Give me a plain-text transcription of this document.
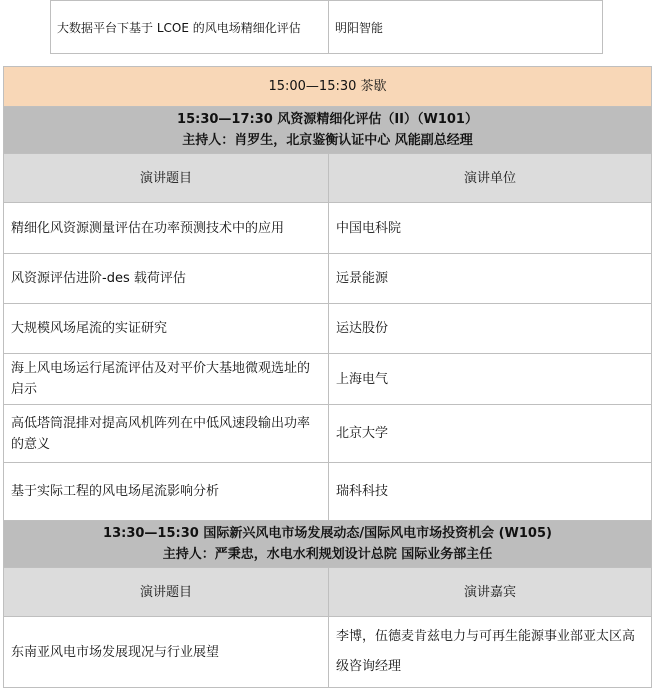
大数据平台下基于 LCOE 的风电场精细化评估	明阳智能
15:00—15:30 茶歇	

15:30—17:30 风资源精细化评估（II）（W101）
主持人：肖罗生，北京鉴衡认证中心 风能副总经理	

演讲题目	演讲单位
精细化风资源测量评估在功率预测技术中的应用	中国电科院
风资源评估进阶-des 载荷评估	远景能源
大规模风场尾流的实证研究	运达股份
海上风电场运行尾流评估及对平价大基地微观选址的启示	上海电气
高低塔筒混排对提高风机阵列在中低风速段输出功率的意义	北京大学
基于实际工程的风电场尾流影响分析	瑞科科技

13:30—15:30 国际新兴风电市场发展动态/国际风电市场投资机会 (W105)
主持人：严秉忠，水电水利规划设计总院 国际业务部主任	

演讲题目	演讲嘉宾
东南亚风电市场发展现况与行业展望	李博，伍德麦肯兹电力与可再生能源事业部亚太区高级咨询经理
